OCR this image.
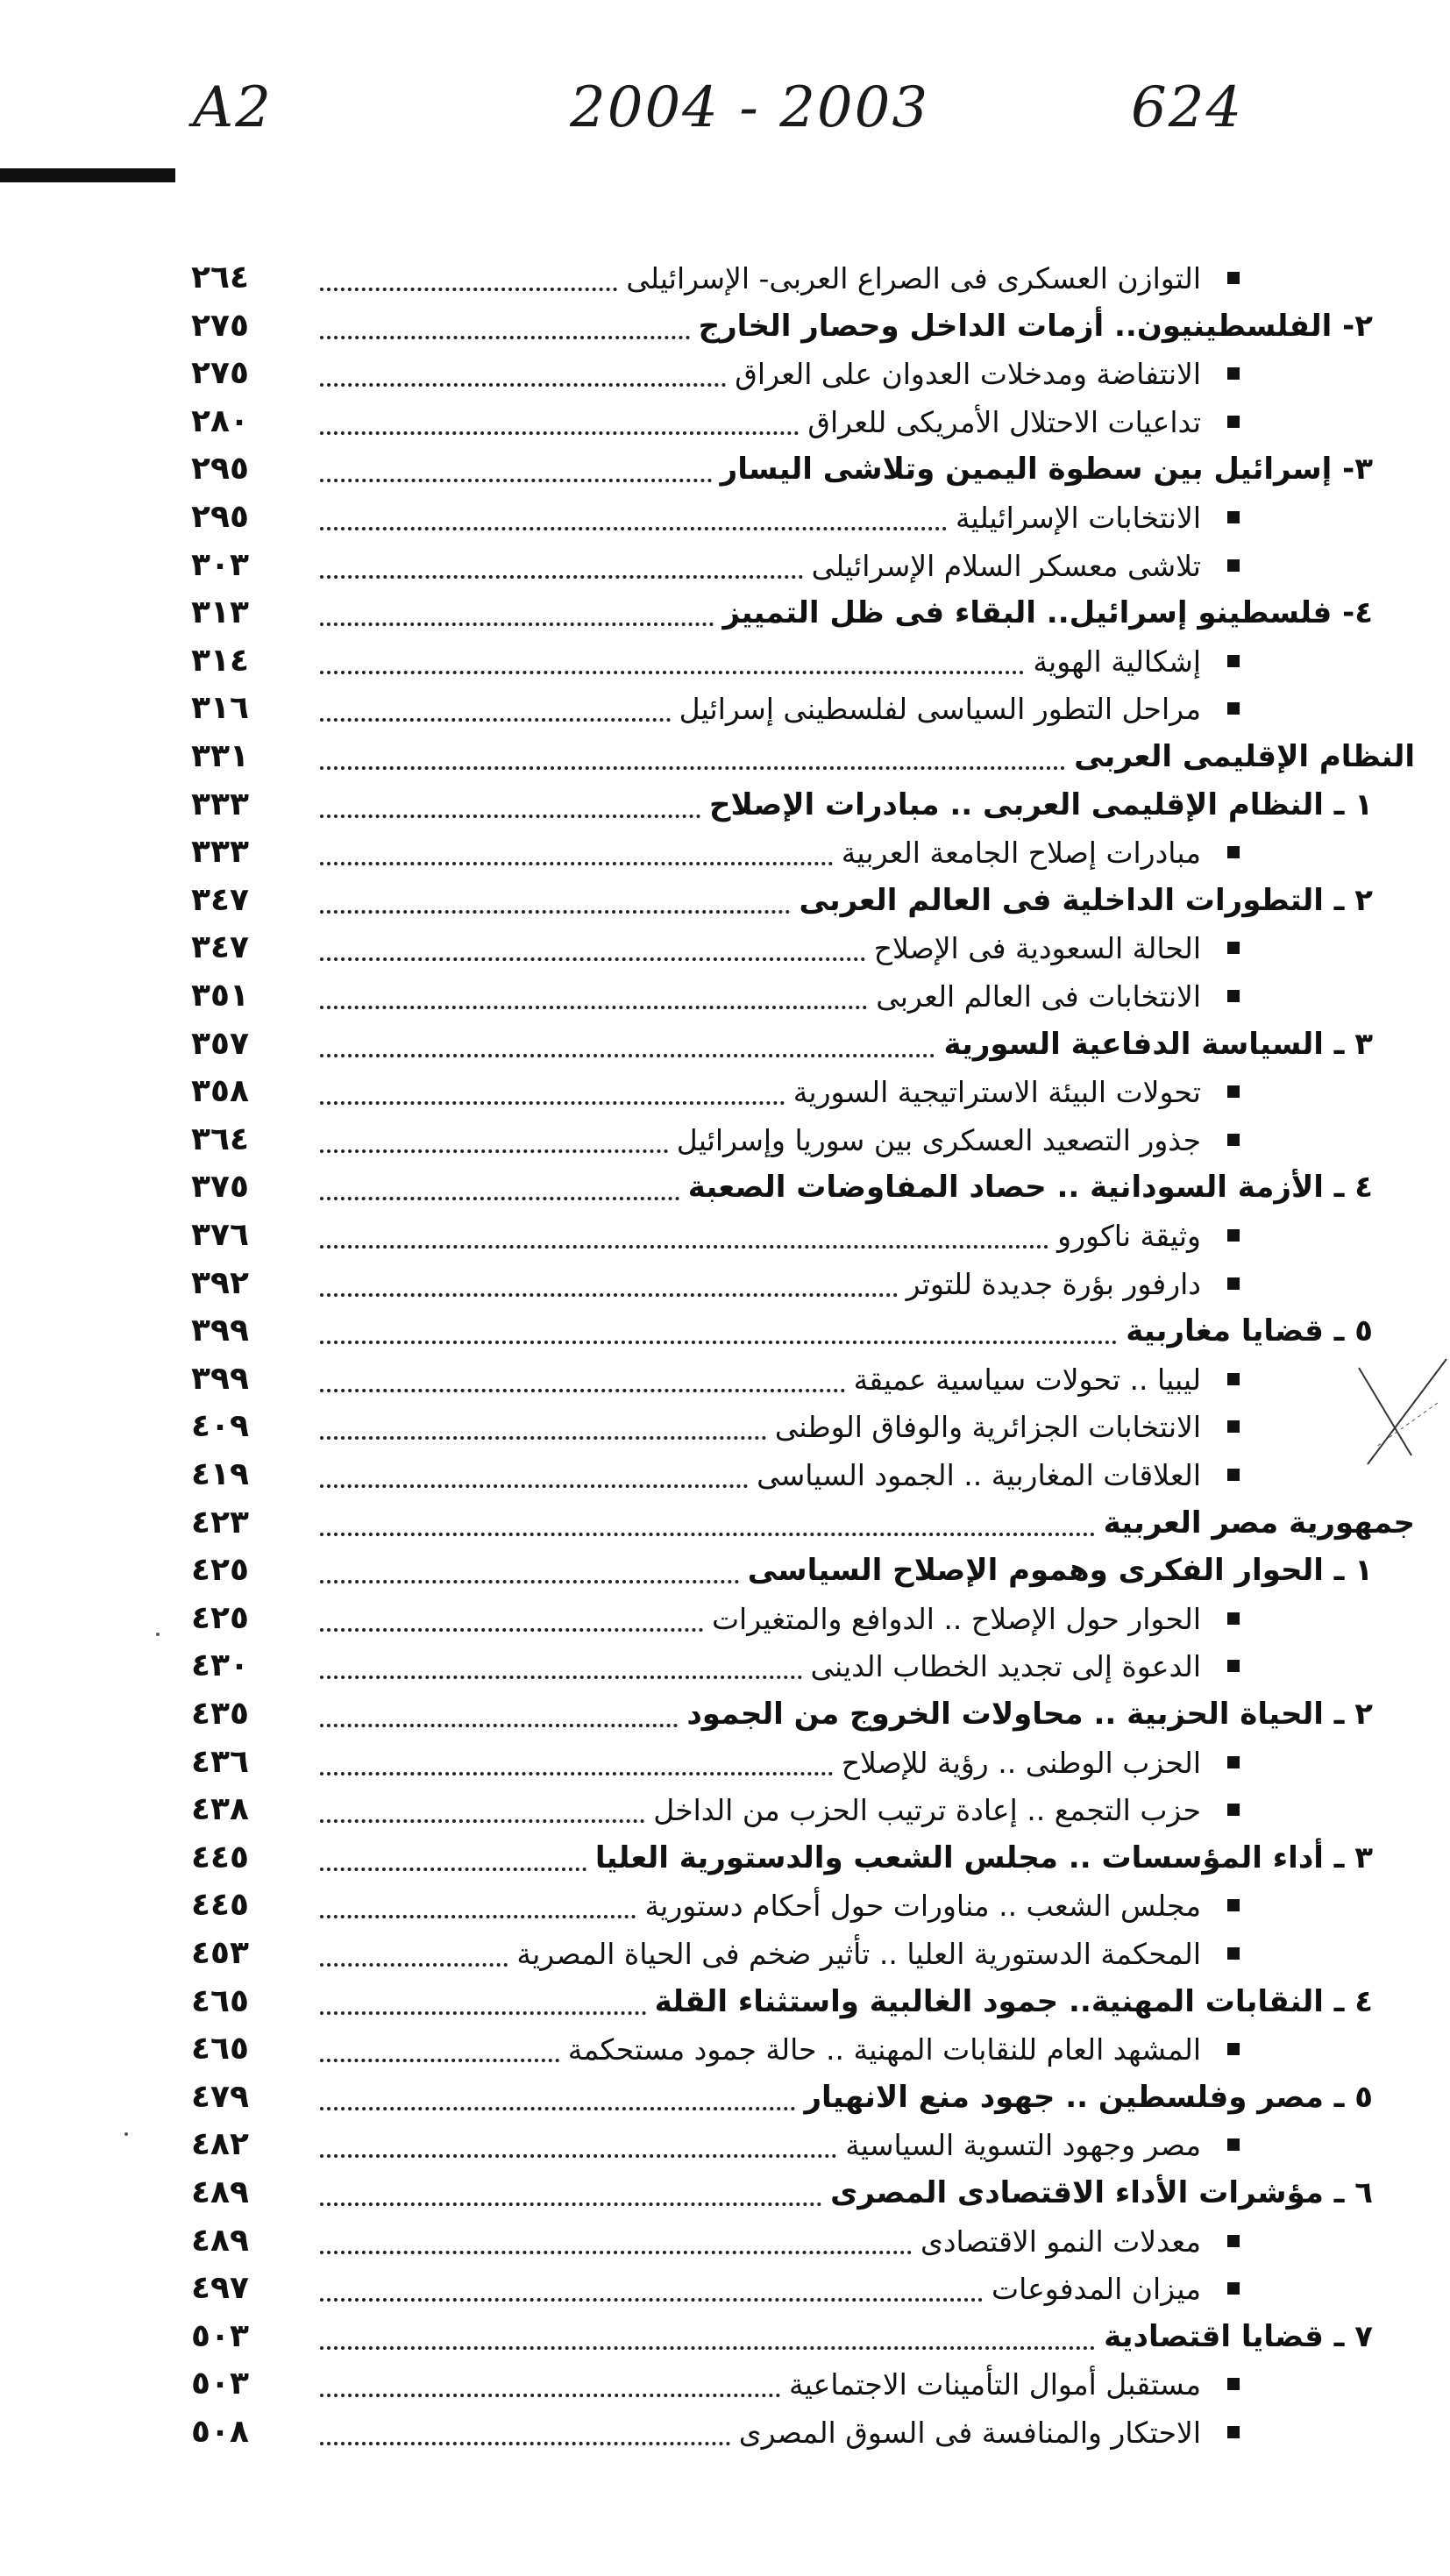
A2	2004 - 2003	624
٢٦٤	التوازن العسكرى فى الصراع العربى- الإسرائيلى
٢٧٥	٢- الفلسطينيون.. أزمات الداخل وحصار الخارج
٢٧٥	الانتفاضة ومدخلات العدوان على العراق
٢٨٠	تداعيات الاحتلال الأمريكى للعراق
٢٩٥	٣- إسرائيل بين سطوة اليمين وتلاشى اليسار
٢٩٥	الانتخابات الإسرائيلية
٣٠٣	تلاشى معسكر السلام الإسرائيلى
٣١٣	٤- فلسطينو إسرائيل.. البقاء فى ظل التمييز
٣١٤	إشكالية الهوية
٣١٦	مراحل التطور السياسى لفلسطينى إسرائيل
٣٣١	النظام الإقليمى العربى
٣٣٣	١ ـ النظام الإقليمى العربى .. مبادرات الإصلاح
٣٣٣	مبادرات إصلاح الجامعة العربية
٣٤٧	٢ ـ التطورات الداخلية فى العالم العربى
٣٤٧	الحالة السعودية فى الإصلاح
٣٥١	الانتخابات فى العالم العربى
٣٥٧	٣ ـ السياسة الدفاعية السورية
٣٥٨	تحولات البيئة الاستراتيجية السورية
٣٦٤	جذور التصعيد العسكرى بين سوريا وإسرائيل
٣٧٥	٤ ـ الأزمة السودانية .. حصاد المفاوضات الصعبة
٣٧٦	وثيقة ناكورو
٣٩٢	دارفور بؤرة جديدة للتوتر
٣٩٩	٥ ـ قضايا مغاربية
٣٩٩	ليبيا .. تحولات سياسية عميقة
٤٠٩	الانتخابات الجزائرية والوفاق الوطنى
٤١٩	العلاقات المغاربية .. الجمود السياسى
٤٢٣	جمهورية مصر العربية
٤٢٥	١ ـ الحوار الفكرى وهموم الإصلاح السياسى
٤٢٥	الحوار حول الإصلاح .. الدوافع والمتغيرات
٤٣٠	الدعوة إلى تجديد الخطاب الدينى
٤٣٥	٢ ـ الحياة الحزبية .. محاولات الخروج من الجمود
٤٣٦	الحزب الوطنى .. رؤية للإصلاح
٤٣٨	حزب التجمع .. إعادة ترتيب الحزب من الداخل
٤٤٥	٣ ـ أداء المؤسسات .. مجلس الشعب والدستورية العليا
٤٤٥	مجلس الشعب .. مناورات حول أحكام دستورية
٤٥٣	المحكمة الدستورية العليا .. تأثير ضخم فى الحياة المصرية
٤٦٥	٤ ـ النقابات المهنية.. جمود الغالبية واستثناء القلة
٤٦٥	المشهد العام للنقابات المهنية .. حالة جمود مستحكمة
٤٧٩	٥ ـ مصر وفلسطين .. جهود منع الانهيار
٤٨٢	مصر وجهود التسوية السياسية
٤٨٩	٦ ـ مؤشرات الأداء الاقتصادى المصرى
٤٨٩	معدلات النمو الاقتصادى
٤٩٧	ميزان المدفوعات
٥٠٣	٧ ـ قضايا اقتصادية
٥٠٣	مستقبل أموال التأمينات الاجتماعية
٥٠٨	الاحتكار والمنافسة فى السوق المصرى
